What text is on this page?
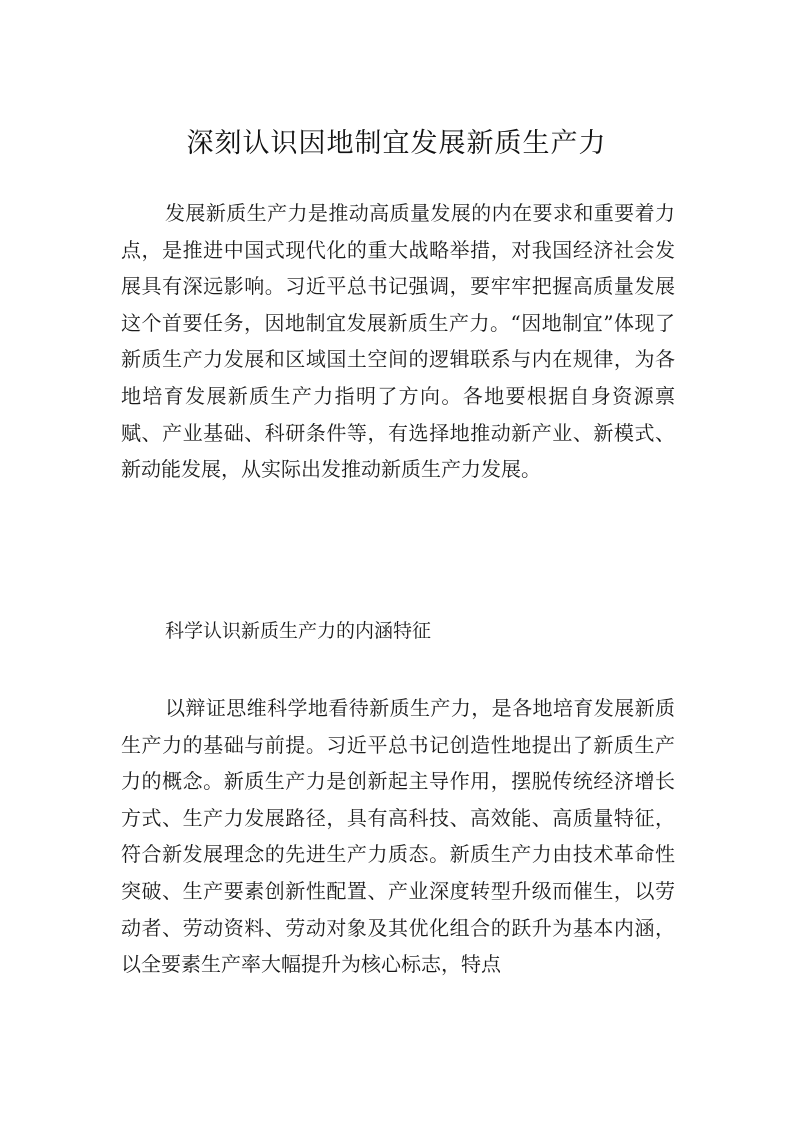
深刻认识因地制宜发展新质生产力

发展新质生产力是推动高质量发展的内在要求和重要着力点，是推进中国式现代化的重大战略举措，对我国经济社会发展具有深远影响。习近平总书记强调，要牢牢把握高质量发展这个首要任务，因地制宜发展新质生产力。“因地制宜”体现了新质生产力发展和区域国土空间的逻辑联系与内在规律，为各地培育发展新质生产力指明了方向。各地要根据自身资源禀赋、产业基础、科研条件等，有选择地推动新产业、新模式、新动能发展，从实际出发推动新质生产力发展。

科学认识新质生产力的内涵特征

以辩证思维科学地看待新质生产力，是各地培育发展新质生产力的基础与前提。习近平总书记创造性地提出了新质生产力的概念。新质生产力是创新起主导作用，摆脱传统经济增长方式、生产力发展路径，具有高科技、高效能、高质量特征，符合新发展理念的先进生产力质态。新质生产力由技术革命性突破、生产要素创新性配置、产业深度转型升级而催生，以劳动者、劳动资料、劳动对象及其优化组合的跃升为基本内涵，以全要素生产率大幅提升为核心标志，特点
